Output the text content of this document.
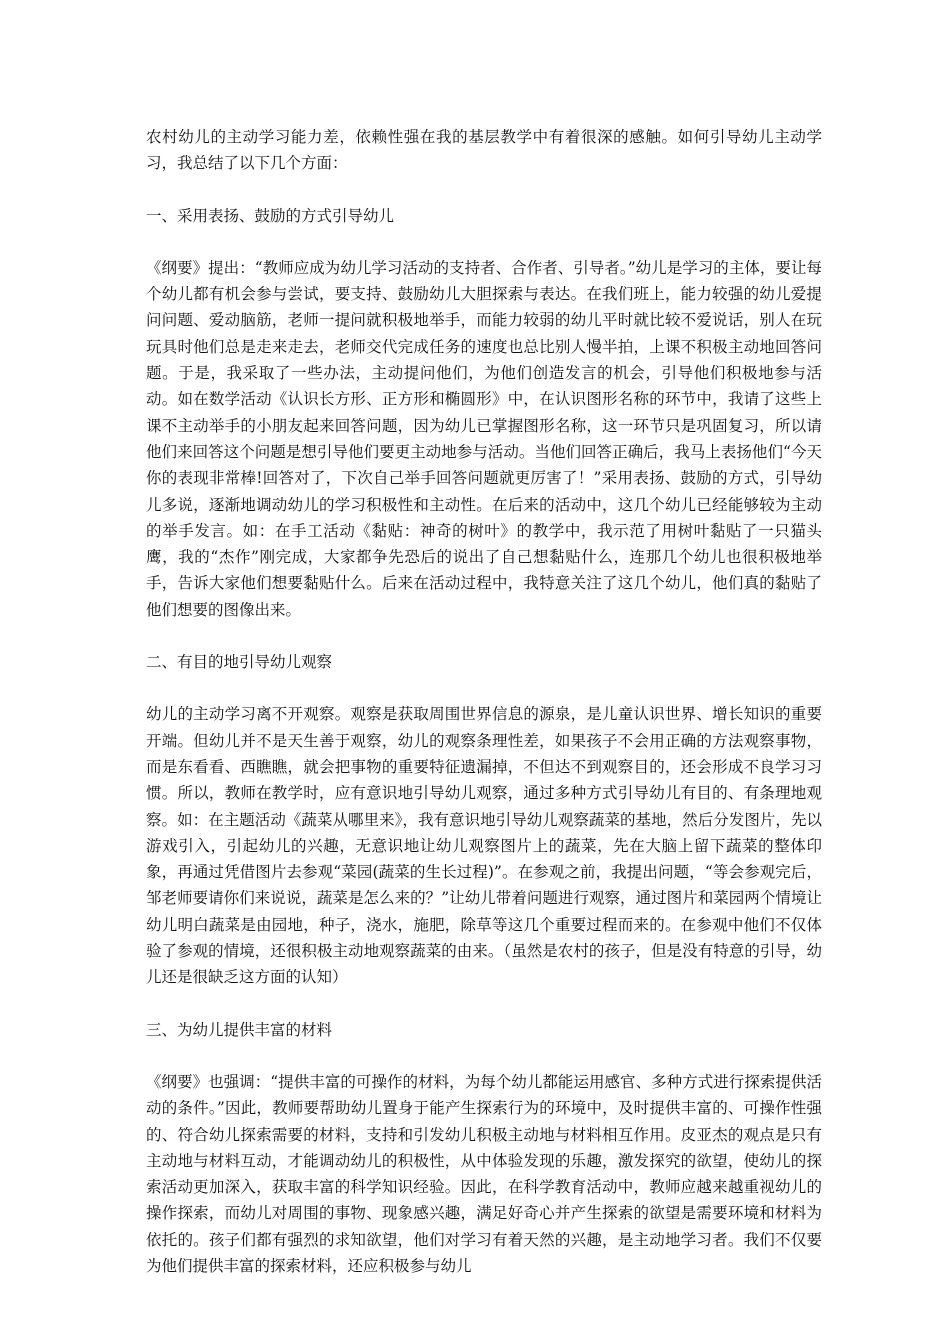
农村幼儿的主动学习能力差，依赖性强在我的基层教学中有着很深的感触。如何引导幼儿主动学习，我总结了以下几个方面：

一、采用表扬、鼓励的方式引导幼儿

《纲要》提出：“教师应成为幼儿学习活动的支持者、合作者、引导者。”幼儿是学习的主体，要让每个幼儿都有机会参与尝试，要支持、鼓励幼儿大胆探索与表达。在我们班上，能力较强的幼儿爱提问问题、爱动脑筋，老师一提问就积极地举手，而能力较弱的幼儿平时就比较不爱说话，别人在玩玩具时他们总是走来走去，老师交代完成任务的速度也总比别人慢半拍，上课不积极主动地回答问题。于是，我采取了一些办法，主动提问他们，为他们创造发言的机会，引导他们积极地参与活动。如在数学活动《认识长方形、正方形和椭圆形》中，在认识图形名称的环节中，我请了这些上课不主动举手的小朋友起来回答问题，因为幼儿已掌握图形名称，这一环节只是巩固复习，所以请他们来回答这个问题是想引导他们要更主动地参与活动。当他们回答正确后，我马上表扬他们“今天你的表现非常棒!回答对了，下次自己举手回答问题就更厉害了！”采用表扬、鼓励的方式，引导幼儿多说，逐渐地调动幼儿的学习积极性和主动性。在后来的活动中，这几个幼儿已经能够较为主动的举手发言。如：在手工活动《黏贴：神奇的树叶》的教学中，我示范了用树叶黏贴了一只猫头鹰，我的“杰作”刚完成，大家都争先恐后的说出了自己想黏贴什么，连那几个幼儿也很积极地举手，告诉大家他们想要黏贴什么。后来在活动过程中，我特意关注了这几个幼儿，他们真的黏贴了他们想要的图像出来。

二、有目的地引导幼儿观察

幼儿的主动学习离不开观察。观察是获取周围世界信息的源泉，是儿童认识世界、增长知识的重要开端。但幼儿并不是天生善于观察，幼儿的观察条理性差，如果孩子不会用正确的方法观察事物，而是东看看、西瞧瞧，就会把事物的重要特征遗漏掉，不但达不到观察目的，还会形成不良学习习惯。所以，教师在教学时，应有意识地引导幼儿观察，通过多种方式引导幼儿有目的、有条理地观察。如：在主题活动《蔬菜从哪里来》，我有意识地引导幼儿观察蔬菜的基地，然后分发图片，先以游戏引入，引起幼儿的兴趣，无意识地让幼儿观察图片上的蔬菜，先在大脑上留下蔬菜的整体印象，再通过凭借图片去参观“菜园(蔬菜的生长过程)”。在参观之前，我提出问题，“等会参观完后，邹老师要请你们来说说，蔬菜是怎么来的？”让幼儿带着问题进行观察，通过图片和菜园两个情境让幼儿明白蔬菜是由园地，种子，浇水，施肥，除草等这几个重要过程而来的。在参观中他们不仅体验了参观的情境，还很积极主动地观察蔬菜的由来。（虽然是农村的孩子，但是没有特意的引导，幼儿还是很缺乏这方面的认知）

三、为幼儿提供丰富的材料

《纲要》也强调：“提供丰富的可操作的材料，为每个幼儿都能运用感官、多种方式进行探索提供活动的条件。”因此，教师要帮助幼儿置身于能产生探索行为的环境中，及时提供丰富的、可操作性强的、符合幼儿探索需要的材料，支持和引发幼儿积极主动地与材料相互作用。皮亚杰的观点是只有主动地与材料互动，才能调动幼儿的积极性，从中体验发现的乐趣，激发探究的欲望，使幼儿的探索活动更加深入，获取丰富的科学知识经验。因此，在科学教育活动中，教师应越来越重视幼儿的操作探索，而幼儿对周围的事物、现象感兴趣，满足好奇心并产生探索的欲望是需要环境和材料为依托的。孩子们都有强烈的求知欲望，他们对学习有着天然的兴趣，是主动地学习者。我们不仅要为他们提供丰富的探索材料，还应积极参与幼儿
